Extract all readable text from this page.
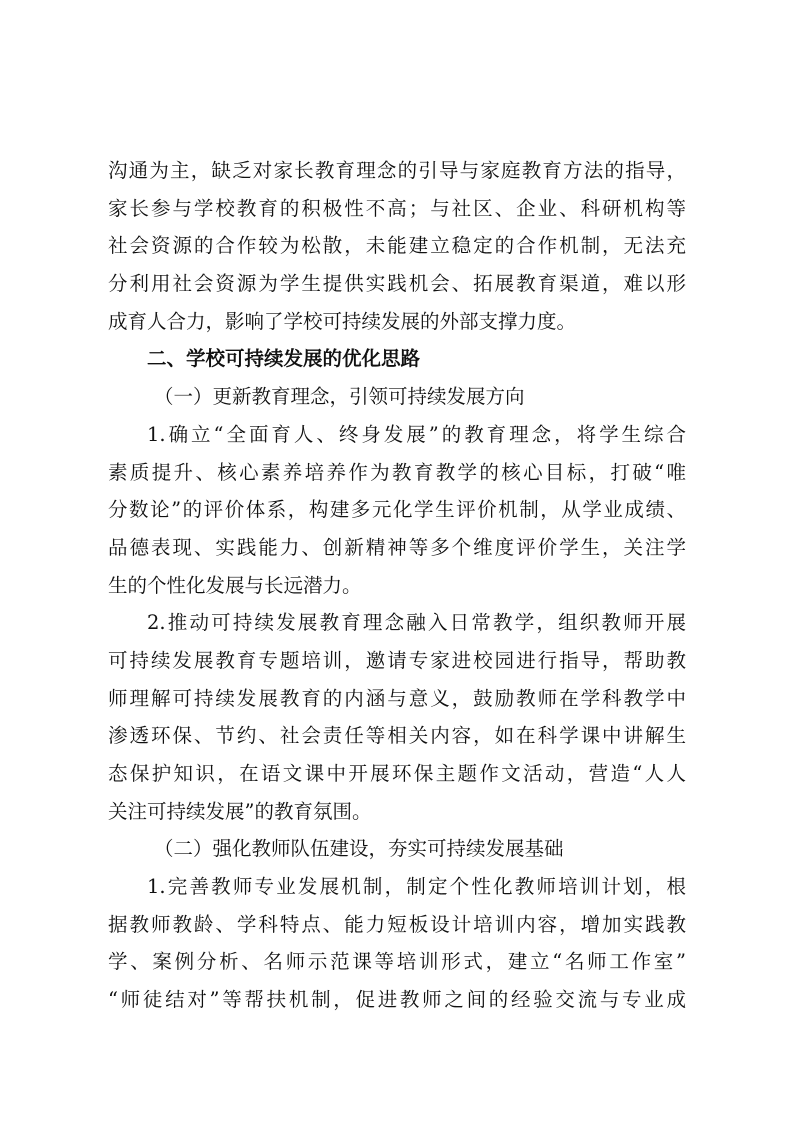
沟通为主，缺乏对家长教育理念的引导与家庭教育方法的指导，
家长参与学校教育的积极性不高；与社区、企业、科研机构等
社会资源的合作较为松散，未能建立稳定的合作机制，无法充
分利用社会资源为学生提供实践机会、拓展教育渠道，难以形
成育人合力，影响了学校可持续发展的外部支撑力度。
二、学校可持续发展的优化思路
（一）更新教育理念，引领可持续发展方向
1.确立“全面育人、终身发展”的教育理念，将学生综合
素质提升、核心素养培养作为教育教学的核心目标，打破“唯
分数论”的评价体系，构建多元化学生评价机制，从学业成绩、
品德表现、实践能力、创新精神等多个维度评价学生，关注学
生的个性化发展与长远潜力。
2.推动可持续发展教育理念融入日常教学，组织教师开展
可持续发展教育专题培训，邀请专家进校园进行指导，帮助教
师理解可持续发展教育的内涵与意义，鼓励教师在学科教学中
渗透环保、节约、社会责任等相关内容，如在科学课中讲解生
态保护知识，在语文课中开展环保主题作文活动，营造“人人
关注可持续发展”的教育氛围。
（二）强化教师队伍建设，夯实可持续发展基础
1.完善教师专业发展机制，制定个性化教师培训计划，根
据教师教龄、学科特点、能力短板设计培训内容，增加实践教
学、案例分析、名师示范课等培训形式，建立“名师工作室”
“师徒结对”等帮扶机制，促进教师之间的经验交流与专业成
